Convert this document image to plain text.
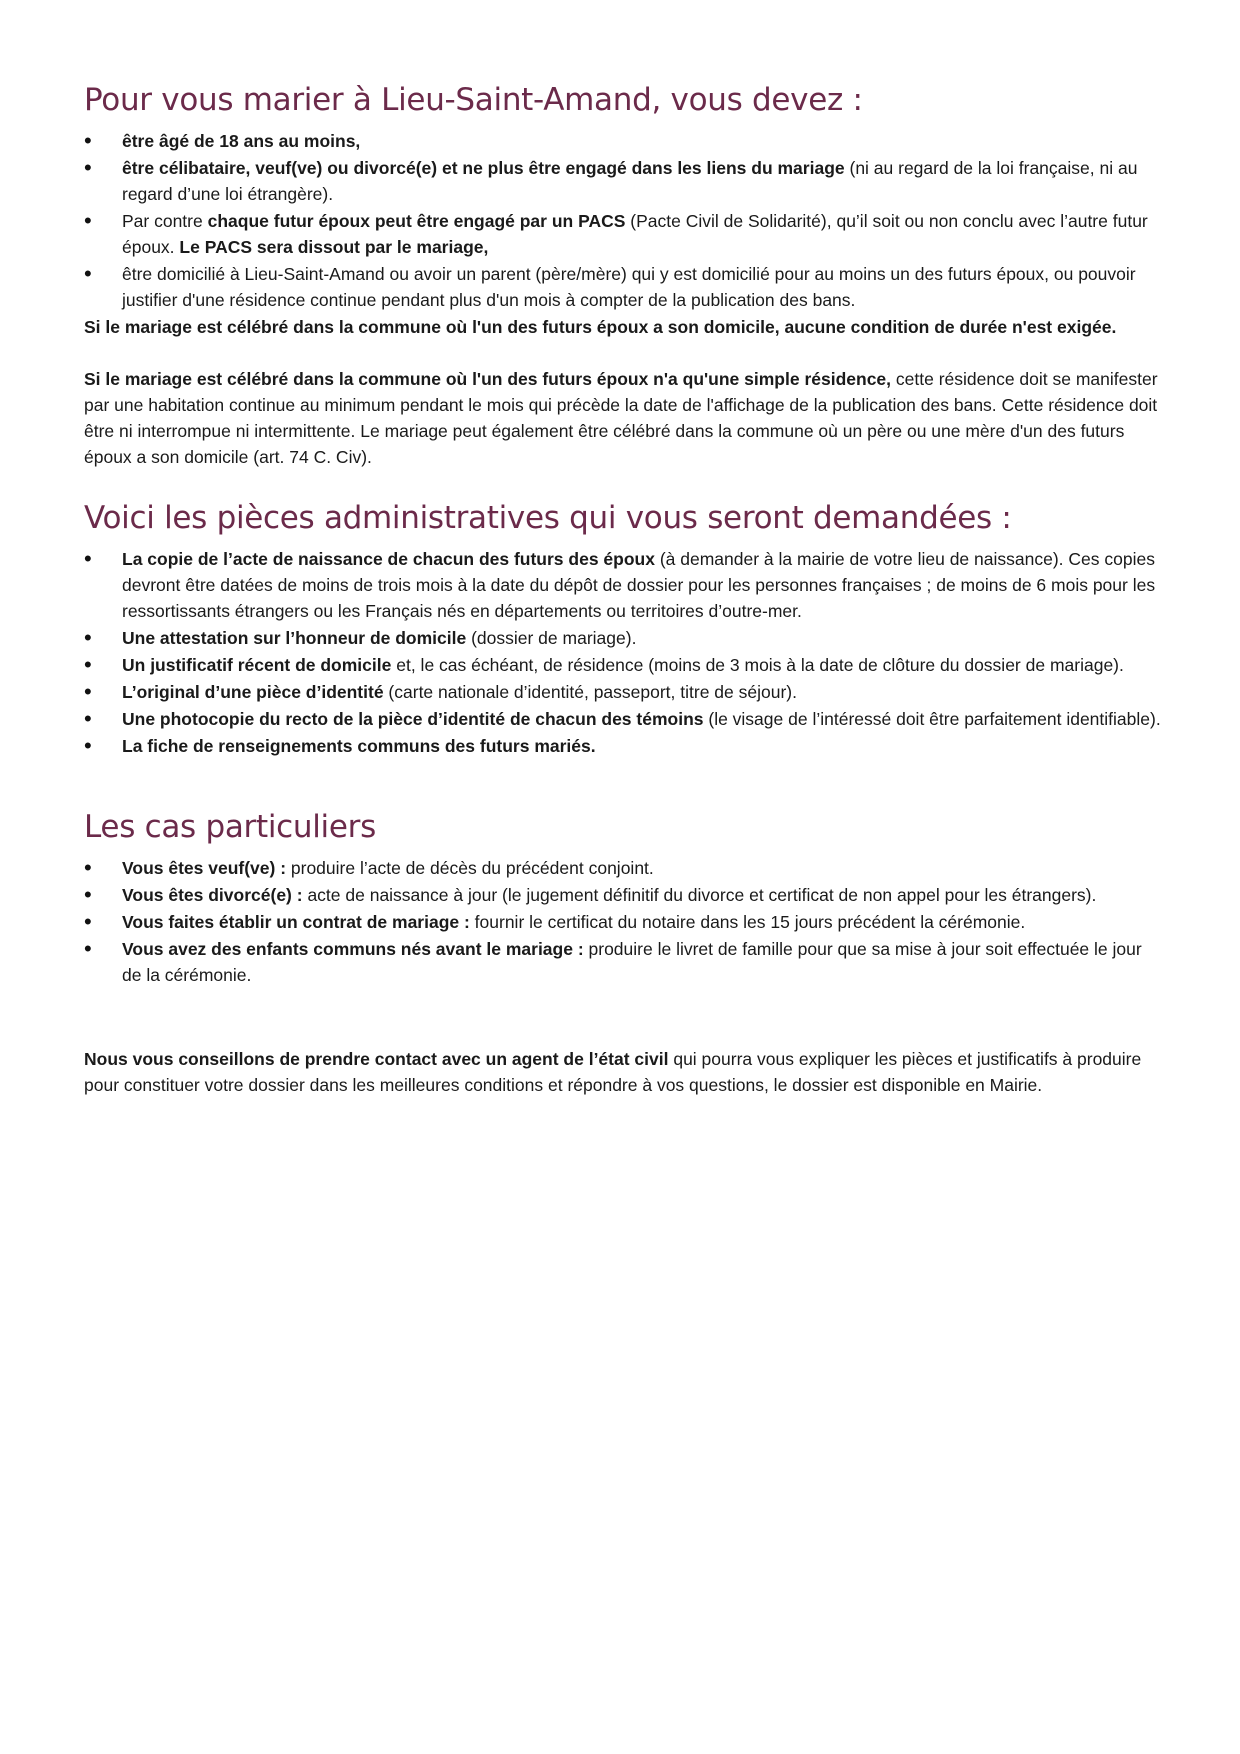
Pour vous marier à Lieu-Saint-Amand, vous devez :
• être âgé de 18 ans au moins,
• être célibataire, veuf(ve) ou divorcé(e) et ne plus être engagé dans les liens du mariage (ni au regard de la loi française, ni au regard d’une loi étrangère).
• Par contre chaque futur époux peut être engagé par un PACS (Pacte Civil de Solidarité), qu’il soit ou non conclu avec l’autre futur époux. Le PACS sera dissout par le mariage,
• être domicilié à Lieu-Saint-Amand ou avoir un parent (père/mère) qui y est domicilié pour au moins un des futurs époux, ou pouvoir justifier d'une résidence continue pendant plus d'un mois à compter de la publication des bans.

Si le mariage est célébré dans la commune où l'un des futurs époux a son domicile, aucune condition de durée n'est exigée.

Si le mariage est célébré dans la commune où l'un des futurs époux n'a qu'une simple résidence, cette résidence doit se manifester par une habitation continue au minimum pendant le mois qui précède la date de l'affichage de la publication des bans. Cette résidence doit être ni interrompue ni intermittente. Le mariage peut également être célébré dans la commune où un père ou une mère d'un des futurs époux a son domicile (art. 74 C. Civ).

Voici les pièces administratives qui vous seront demandées :
• La copie de l’acte de naissance de chacun des futurs des époux (à demander à la mairie de votre lieu de naissance). Ces copies devront être datées de moins de trois mois à la date du dépôt de dossier pour les personnes françaises ; de moins de 6 mois pour les ressortissants étrangers ou les Français nés en départements ou territoires d’outre-mer.
• Une attestation sur l’honneur de domicile (dossier de mariage).
• Un justificatif récent de domicile et, le cas échéant, de résidence (moins de 3 mois à la date de clôture du dossier de mariage).
• L’original d’une pièce d’identité (carte nationale d’identité, passeport, titre de séjour).
• Une photocopie du recto de la pièce d’identité de chacun des témoins (le visage de l’intéressé doit être parfaitement identifiable).
• La fiche de renseignements communs des futurs mariés.
Les cas particuliers
• Vous êtes veuf(ve) : produire l’acte de décès du précédent conjoint.
• Vous êtes divorcé(e) : acte de naissance à jour (le jugement définitif du divorce et certificat de non appel pour les étrangers).
• Vous faites établir un contrat de mariage : fournir le certificat du notaire dans les 15 jours précédent la cérémonie.
• Vous avez des enfants communs nés avant le mariage : produire le livret de famille pour que sa mise à jour soit effectuée le jour de la cérémonie.

Nous vous conseillons de prendre contact avec un agent de l’état civil qui pourra vous expliquer les pièces et justificatifs à produire pour constituer votre dossier dans les meilleures conditions et répondre à vos questions, le dossier est disponible en Mairie.
